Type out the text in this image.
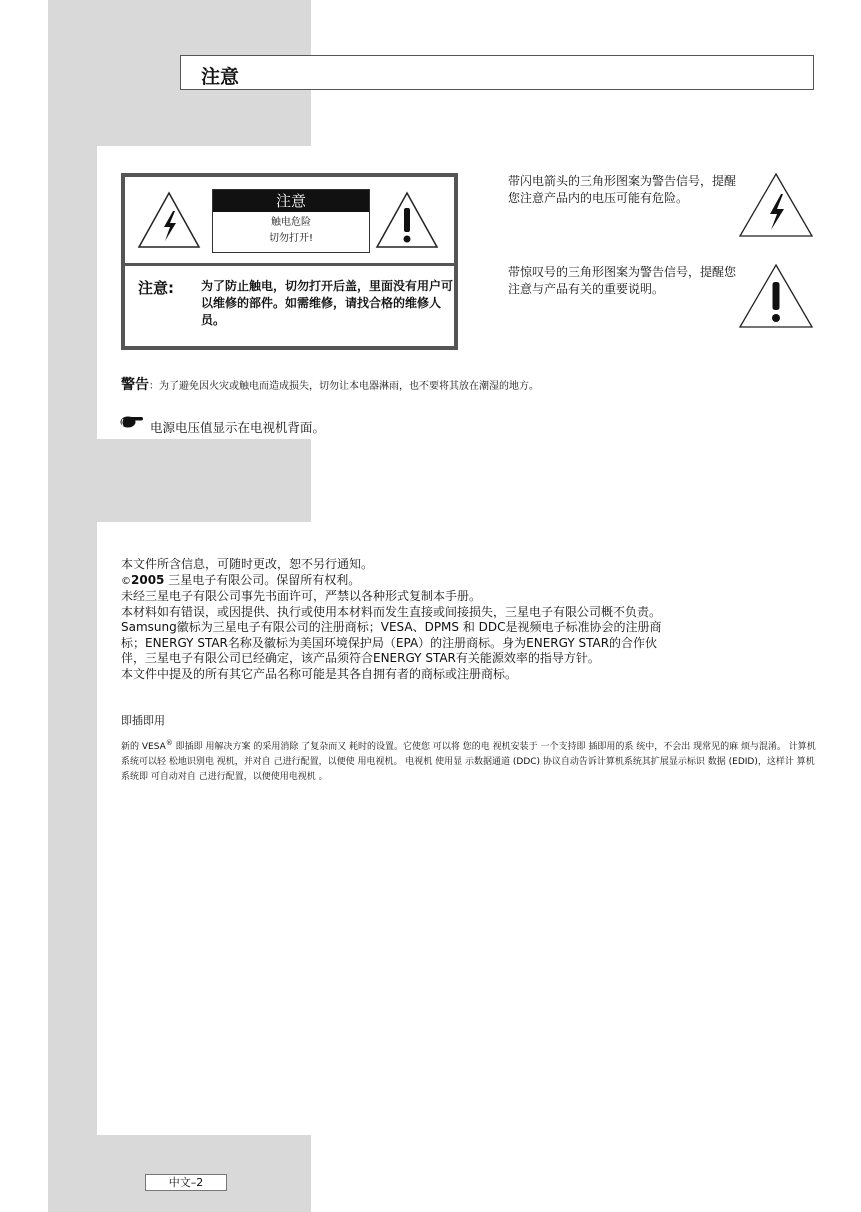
注意
注意
触电危险
切勿打开!
注意: 为了防止触电，切勿打开后盖，里面没有用户可以维修的部件。如需维修，请找合格的维修人员。

带闪电箭头的三角形图案为警告信号，提醒您注意产品内的电压可能有危险。

带惊叹号的三角形图案为警告信号，提醒您注意与产品有关的重要说明。

警告：为了避免因火灾或触电而造成损失，切勿让本电器淋雨，也不要将其放在潮湿的地方。
电源电压值显示在电视机背面。

本文件所含信息，可随时更改，恕不另行通知。

©2005 三星电子有限公司。保留所有权利。

未经三星电子有限公司事先书面许可，严禁以各种形式复制本手册。

本材料如有错误，或因提供、执行或使用本材料而发生直接或间接损失，三星电子有限公司概不负责。

Samsung徽标为三星电子有限公司的注册商标；VESA、DPMS 和 DDC是视频电子标准协会的注册商

标；ENERGY STAR名称及徽标为美国环境保护局（EPA）的注册商标。身为ENERGY STAR的合作伙

伴，三星电子有限公司已经确定，该产品须符合ENERGY STAR有关能源效率的指导方针。

本文件中提及的所有其它产品名称可能是其各自拥有者的商标或注册商标。

即插即用

新的 VESA® 即插即 用解决方案 的采用消除 了复杂而又 耗时的设置。它使您 可以将 您的电 视机安装于 一个支持即 插即用的系 统中，不会出 现常见的麻 烦与混淆。 计算机 系统可以轻 松地识别电 视机，并对自 己进行配置，以便使 用电视机。 电视机 使用显 示数据通道 (DDC) 协议自动告诉计算机系统其扩展显示标识 数据 (EDID)，这样计 算机系统即 可自动对自 己进行配置，以便使用电视机 。

中文–2
